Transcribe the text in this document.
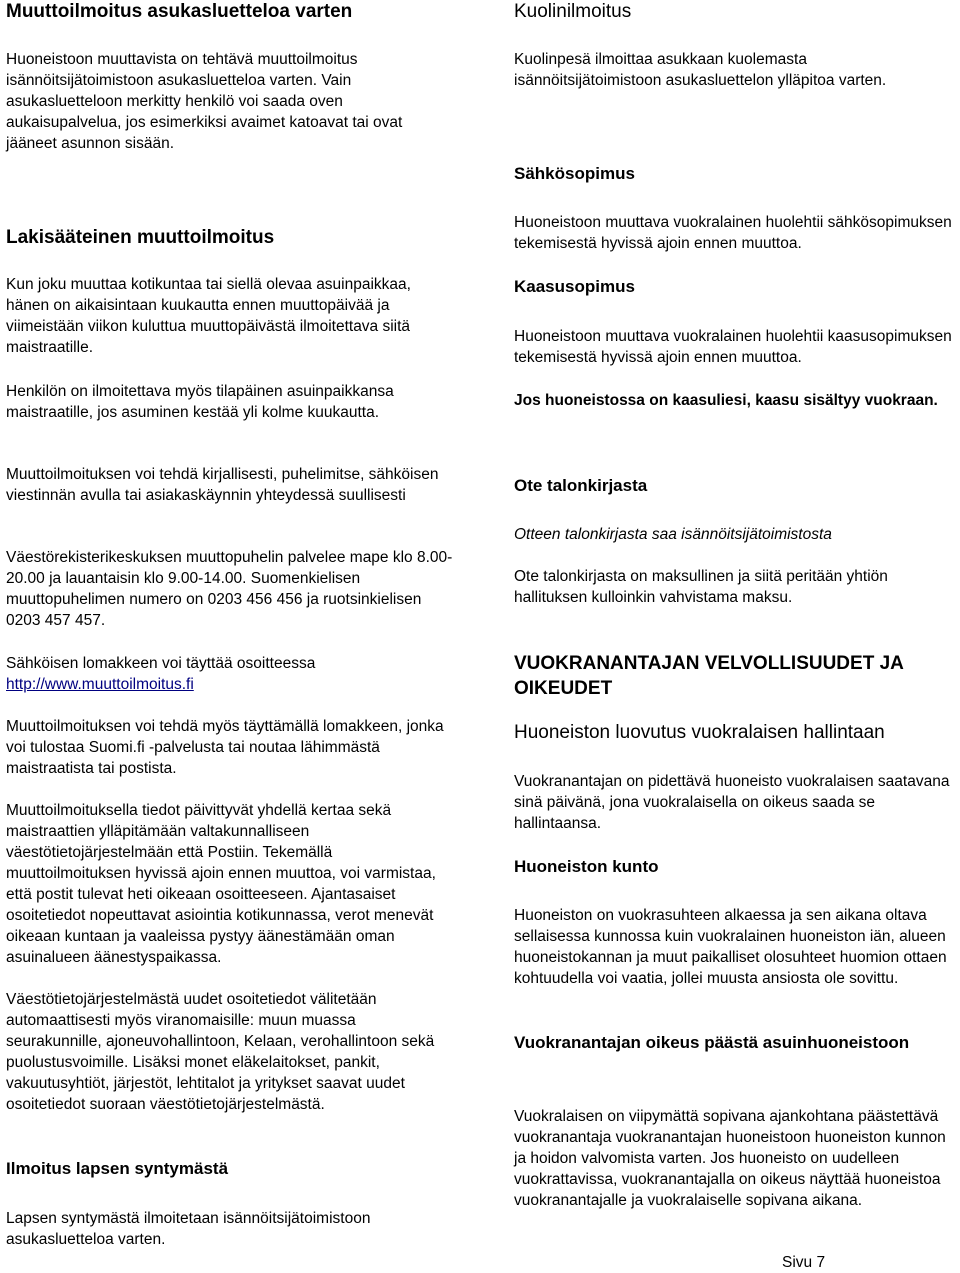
Muuttoilmoitus asukasluetteloa varten

Huoneistoon muuttavista on tehtävä muuttoilmoitus isännöitsijätoimistoon asukasluetteloa varten. Vain asukasluetteloon merkitty henkilö voi saada oven aukaisupalvelua, jos esimerkiksi avaimet katoavat tai ovat jääneet asunnon sisään.

Lakisääteinen muuttoilmoitus

Kun joku muuttaa kotikuntaa tai siellä olevaa asuinpaikkaa, hänen on aikaisintaan kuukautta ennen muuttopäivää ja viimeistään viikon kuluttua muuttopäivästä ilmoitettava siitä maistraatille.

Henkilön on ilmoitettava myös tilapäinen asuinpaikkansa maistraatille, jos asuminen kestää yli kolme kuukautta.

Muuttoilmoituksen voi tehdä kirjallisesti, puhelimitse, sähköisen viestinnän avulla tai asiakaskäynnin yhteydessä suullisesti

Väestörekisterikeskuksen muuttopuhelin palvelee mape klo 8.00-20.00 ja lauantaisin klo 9.00-14.00. Suomenkielisen muuttopuhelimen numero on 0203 456 456 ja ruotsinkielisen 0203 457 457.

Sähköisen lomakkeen voi täyttää osoitteessa
http://www.muuttoilmoitus.fi

Muuttoilmoituksen voi tehdä myös täyttämällä lomakkeen, jonka voi tulostaa Suomi.fi -palvelusta tai noutaa lähimmästä maistraatista tai postista.

Muuttoilmoituksella tiedot päivittyvät yhdellä kertaa sekä maistraattien ylläpitämään valtakunnalliseen väestötietojärjestelmään että Postiin. Tekemällä muuttoilmoituksen hyvissä ajoin ennen muuttoa, voi varmistaa, että postit tulevat heti oikeaan osoitteeseen. Ajantasaiset osoitetiedot nopeuttavat asiointia kotikunnassa, verot menevät oikeaan kuntaan ja vaaleissa pystyy äänestämään oman asuinalueen äänestyspaikassa.

Väestötietojärjestelmästä uudet osoitetiedot välitetään automaattisesti myös viranomaisille: muun muassa seurakunnille, ajoneuvohallintoon, Kelaan, verohallintoon sekä puolustusvoimille. Lisäksi monet eläkelaitokset, pankit, vakuutusyhtiöt, järjestöt, lehtitalot ja yritykset saavat uudet osoitetiedot suoraan väestötietojärjestelmästä.

Ilmoitus lapsen syntymästä

Lapsen syntymästä ilmoitetaan isännöitsijätoimistoon asukasluetteloa varten.

Kuolinilmoitus

Kuolinpesä ilmoittaa asukkaan kuolemasta isännöitsijätoimistoon asukasluettelon ylläpitoa varten.

Sähkösopimus

Huoneistoon muuttava vuokralainen huolehtii sähkösopimuksen tekemisestä hyvissä ajoin ennen muuttoa.

Kaasusopimus

Huoneistoon muuttava vuokralainen huolehtii kaasusopimuksen tekemisestä hyvissä ajoin ennen muuttoa.

Jos huoneistossa on kaasuliesi, kaasu sisältyy vuokraan.

Ote talonkirjasta

Otteen talonkirjasta saa isännöitsijätoimistosta

Ote talonkirjasta on maksullinen ja siitä peritään yhtiön hallituksen kulloinkin vahvistama maksu.

VUOKRANANTAJAN VELVOLLISUUDET JA OIKEUDET
Huoneiston luovutus vuokralaisen hallintaan

Vuokranantajan on pidettävä huoneisto vuokralaisen saatavana sinä päivänä, jona vuokralaisella on oikeus saada se hallintaansa.

Huoneiston kunto

Huoneiston on vuokrasuhteen alkaessa ja sen aikana oltava sellaisessa kunnossa kuin vuokralainen huoneiston iän, alueen huoneistokannan ja muut paikalliset olosuhteet huomion ottaen kohtuudella voi vaatia, jollei muusta ansiosta ole sovittu.

Vuokranantajan oikeus päästä asuinhuoneistoon

Vuokralaisen on viipymättä sopivana ajankohtana päästettävä vuokranantaja vuokranantajan huoneistoon huoneiston kunnon ja hoidon valvomista varten. Jos huoneisto on uudelleen vuokrattavissa, vuokranantajalla on oikeus näyttää huoneistoa vuokranantajalle ja vuokralaiselle sopivana aikana.

Sivu 7
